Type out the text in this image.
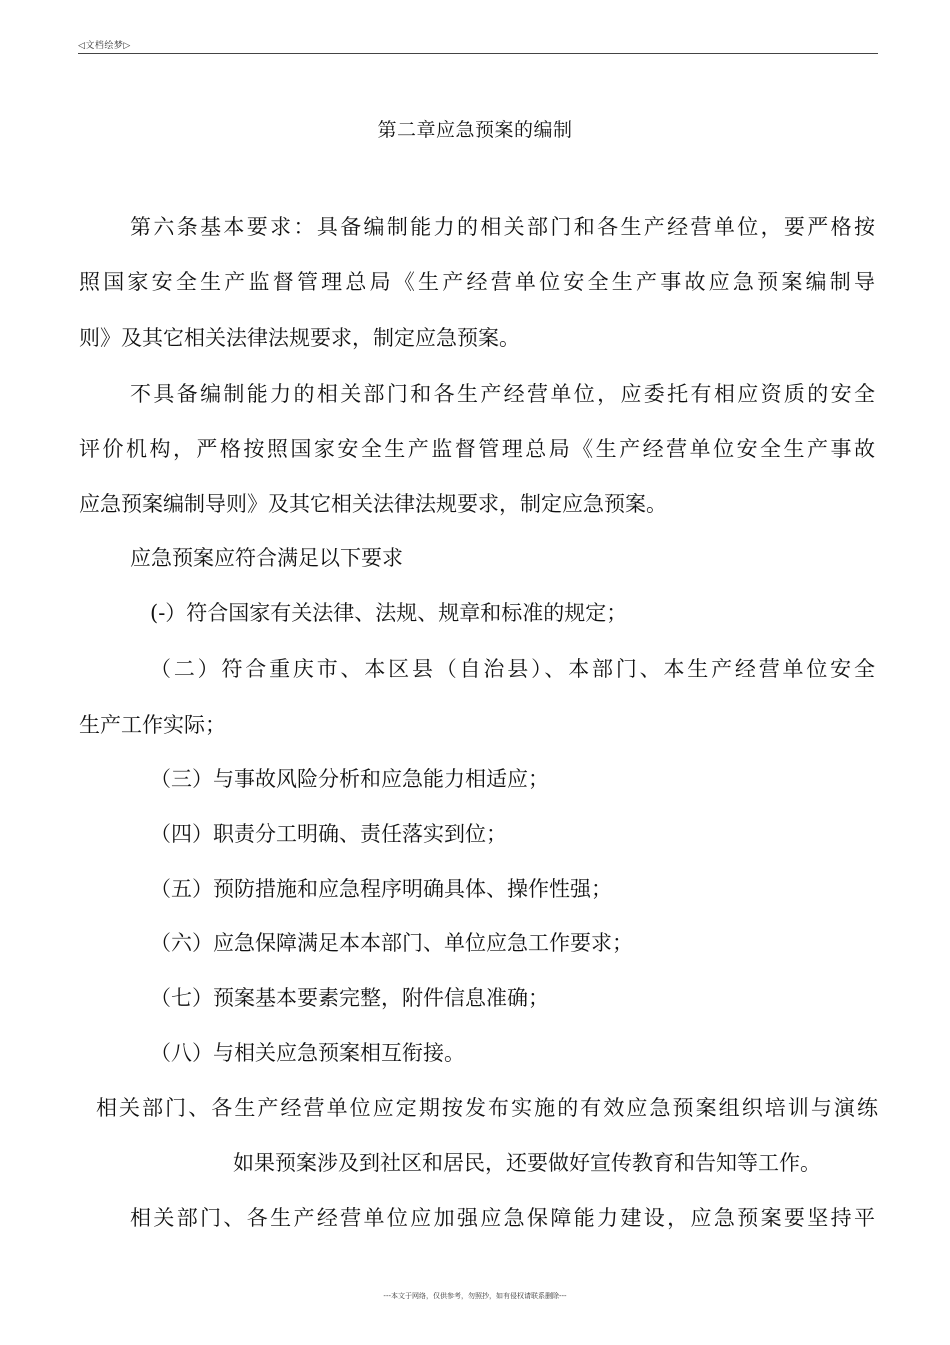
◁文档绘梦▷
第二章应急预案的编制
第六条基本要求：具备编制能力的相关部门和各生产经营单位，要严格按
照国家安全生产监督管理总局《生产经营单位安全生产事故应急预案编制导
则》及其它相关法律法规要求，制定应急预案。
不具备编制能力的相关部门和各生产经营单位，应委托有相应资质的安全
评价机构，严格按照国家安全生产监督管理总局《生产经营单位安全生产事故
应急预案编制导则》及其它相关法律法规要求，制定应急预案。
应急预案应符合满足以下要求
(-）符合国家有关法律、法规、规章和标准的规定；
（二）符合重庆市、本区县（自治县）、本部门、本生产经营单位安全
生产工作实际；
（三）与事故风险分析和应急能力相适应；
（四）职责分工明确、责任落实到位；
（五）预防措施和应急程序明确具体、操作性强；
（六）应急保障满足本本部门、单位应急工作要求；
（七）预案基本要素完整，附件信息准确；
（八）与相关应急预案相互衔接。
相关部门、各生产经营单位应定期按发布实施的有效应急预案组织培训与演练
如果预案涉及到社区和居民，还要做好宣传教育和告知等工作。
相关部门、各生产经营单位应加强应急保障能力建设，应急预案要坚持平
---本文于网络，仅供参考，勿照抄，如有侵权请联系删除---
